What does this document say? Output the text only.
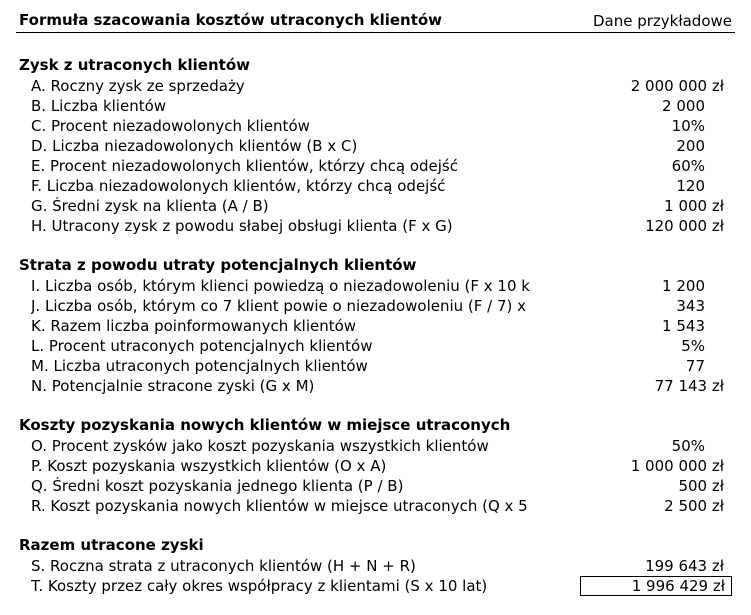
Formuła szacowania kosztów utraconych klientów	Dane przykładowe
Zysk z utraconych klientów
A. Roczny zysk ze sprzedaży	2 000 000 zł
B. Liczba klientów	2 000
C. Procent niezadowolonych klientów	10%
D. Liczba niezadowolonych klientów (B x C)	200
E. Procent niezadowolonych klientów, którzy chcą odejść	60%
F. Liczba niezadowolonych klientów, którzy chcą odejść	120
G. Średni zysk na klienta (A / B)	1 000 zł
H. Utracony zysk z powodu słabej obsługi klienta (F x G)	120 000 zł
Strata z powodu utraty potencjalnych klientów
I. Liczba osób, którym klienci powiedzą o niezadowoleniu (F x 10 k	1 200
J. Liczba osób, którym co 7 klient powie o niezadowoleniu (F / 7) x	343
K. Razem liczba poinformowanych klientów	1 543
L. Procent utraconych potencjalnych klientów	5%
M. Liczba utraconych potencjalnych klientów	77
N. Potencjalnie stracone zyski (G x M)	77 143 zł
Koszty pozyskania nowych klientów w miejsce utraconych
O. Procent zysków jako koszt pozyskania wszystkich klientów	50%
P. Koszt pozyskania wszystkich klientów (O x A)	1 000 000 zł
Q. Średni koszt pozyskania jednego klienta (P / B)	500 zł
R. Koszt pozyskania nowych klientów w miejsce utraconych (Q x 5	2 500 zł
Razem utracone zyski
S. Roczna strata z utraconych klientów (H + N + R)	199 643 zł
T. Koszty przez cały okres współpracy z klientami (S x 10 lat)	1 996 429 zł
